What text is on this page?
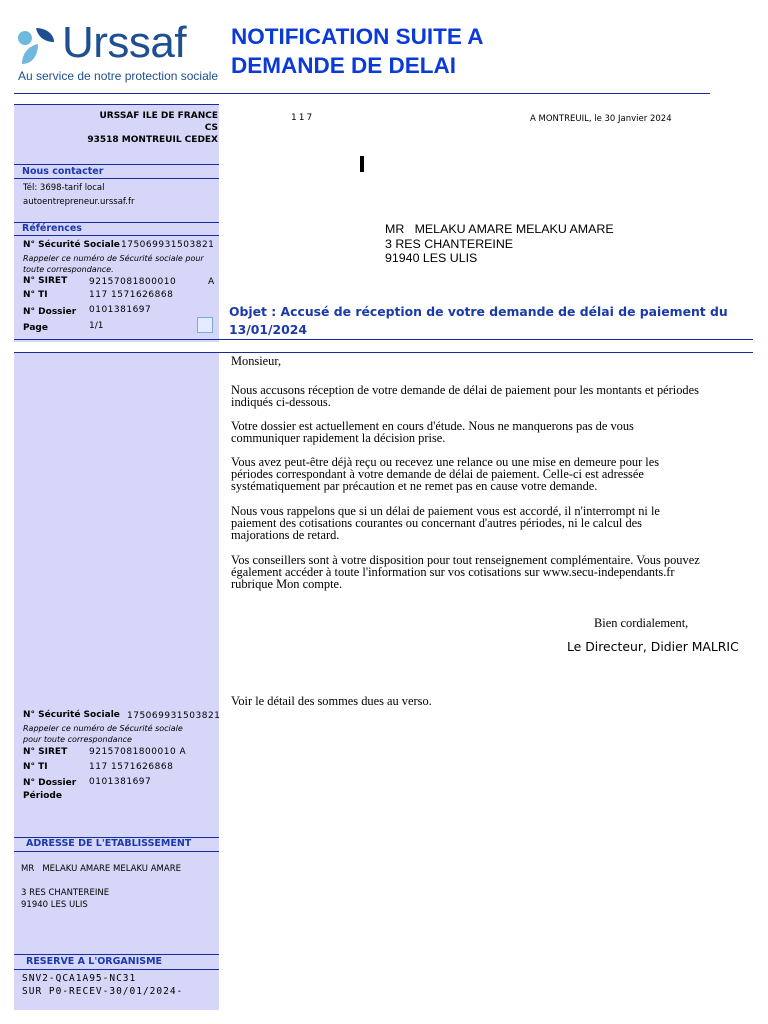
Urssaf
Au service de notre protection sociale
NOTIFICATION SUITE A
DEMANDE DE DELAI
URSSAF ILE DE FRANCE
CS
93518 MONTREUIL CEDEX
117	A MONTREUIL, le 30 Janvier 2024
Nous contacter
Tél: 3698-tarif local
autoentrepreneur.urssaf.fr
Références
N° Sécurité Sociale 175069931503821
Rappeler ce numéro de Sécurité sociale pour toute correspondance.
N° SIRET 92157081800010	A
N° TI	117 1571626868
N° Dossier 0101381697
Page	1/1
MR   MELAKU AMARE MELAKU AMARE
3 RES CHANTEREINE
91940 LES ULIS
Objet : Accusé de réception de votre demande de délai de paiement du
13/01/2024
Monsieur,
Nous accusons réception de votre demande de délai de paiement pour les montants et périodes
indiqués ci-dessous.
Votre dossier est actuellement en cours d'étude. Nous ne manquerons pas de vous
communiquer rapidement la décision prise.
Vous avez peut-être déjà reçu ou recevez une relance ou une mise en demeure pour les
périodes correspondant à votre demande de délai de paiement. Celle-ci est adressée
systématiquement par précaution et ne remet pas en cause votre demande.
Nous vous rappelons que si un délai de paiement vous est accordé, il n'interrompt ni le
paiement des cotisations courantes ou concernant d'autres périodes, ni le calcul des
majorations de retard.
Vos conseillers sont à votre disposition pour tout renseignement complémentaire. Vous pouvez
également accéder à toute l'information sur vos cotisations sur www.secu-independants.fr
rubrique Mon compte.
Bien cordialement,
Le Directeur, Didier MALRIC
Voir le détail des sommes dues au verso.
N° Sécurité Sociale 175069931503821
Rappeler ce numéro de Sécurité sociale pour toute correspondance
N° SIRET 92157081800010 A
N° TI	117 1571626868
N° Dossier 0101381697
Période
ADRESSE DE L'ETABLISSEMENT
MR   MELAKU AMARE MELAKU AMARE
3 RES CHANTEREINE
91940 LES ULIS
RESERVE A L'ORGANISME
SNV2-QCA1A95-NC31
SUR P0-RECEV-30/01/2024-
